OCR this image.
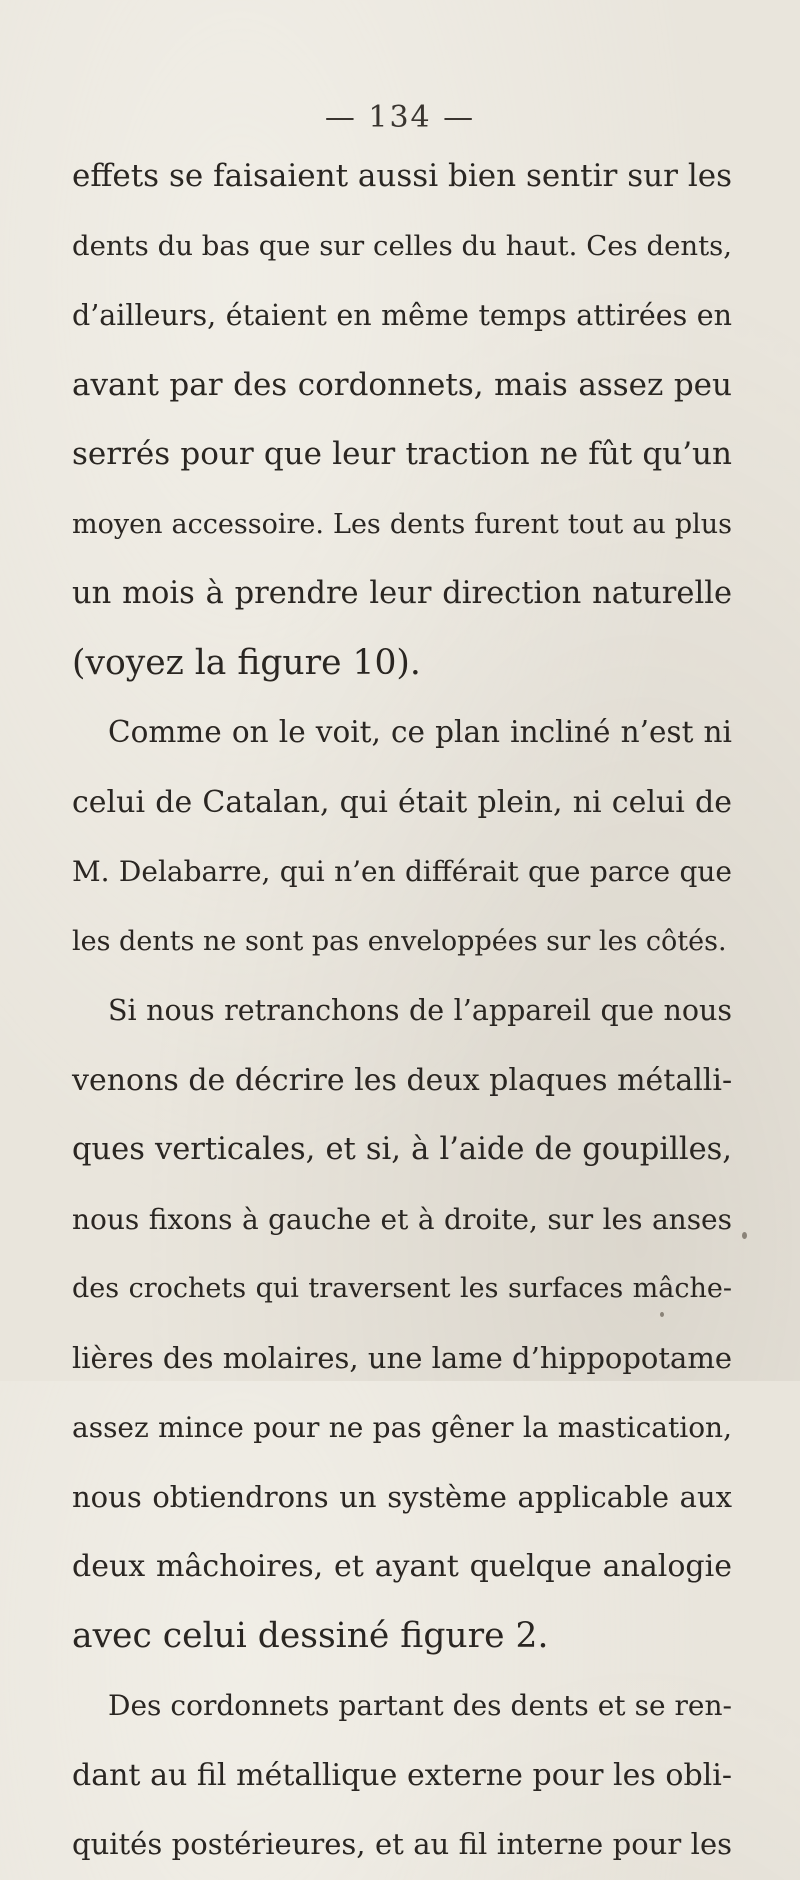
— 134 —
effets se faisaient aussi bien sentir sur les
dents du bas que sur celles du haut. Ces dents,
d’ailleurs, étaient en même temps attirées en
avant par des cordonnets, mais assez peu
serrés pour que leur traction ne fût qu’un
moyen accessoire. Les dents furent tout au plus
un mois à prendre leur direction naturelle
(voyez la figure 10).
Comme on le voit, ce plan incliné n’est ni
celui de Catalan, qui était plein, ni celui de
M. Delabarre, qui n’en différait que parce que
les dents ne sont pas enveloppées sur les côtés.
Si nous retranchons de l’appareil que nous
venons de décrire les deux plaques métalli-
ques verticales, et si, à l’aide de goupilles,
nous fixons à gauche et à droite, sur les anses
des crochets qui traversent les surfaces mâche-
lières des molaires, une lame d’hippopotame
assez mince pour ne pas gêner la mastication,
nous obtiendrons un système applicable aux
deux mâchoires, et ayant quelque analogie
avec celui dessiné figure 2.
Des cordonnets partant des dents et se ren-
dant au fil métallique externe pour les obli-
quités postérieures, et au fil interne pour les
